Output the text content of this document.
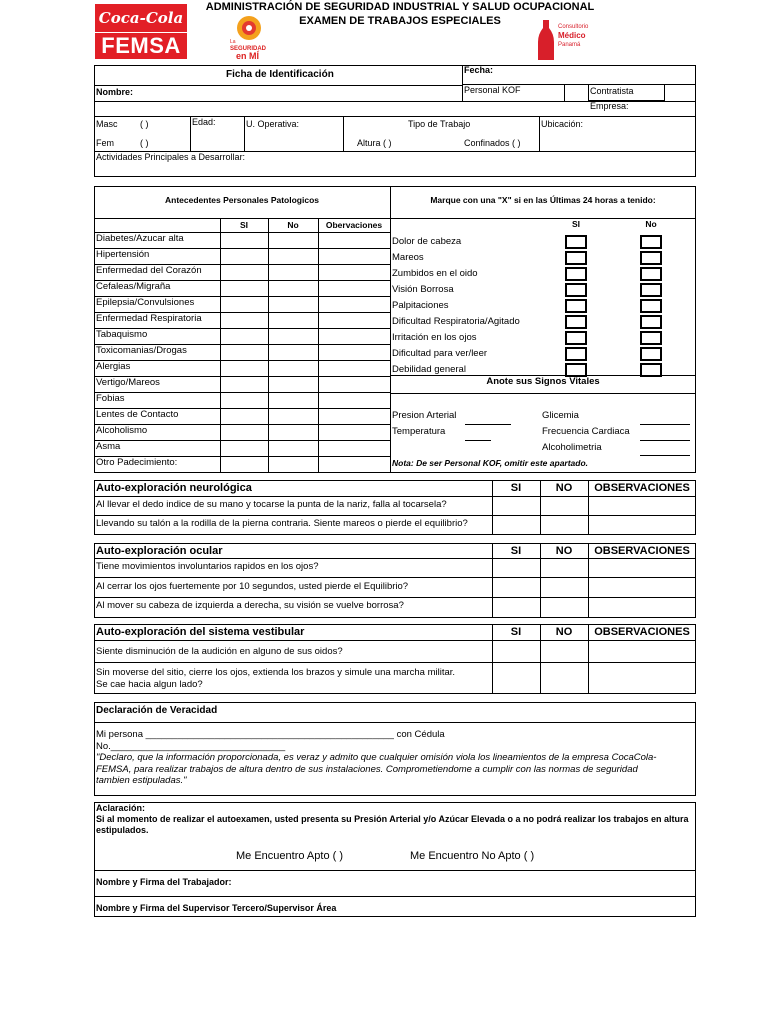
Coca-Cola
FEMSA
ADMINISTRACIÓN DE SEGURIDAD INDUSTRIAL Y SALUD OCUPACIONAL
EXAMEN DE TRABAJOS ESPECIALES
La
SEGURIDAD
en MÍ
Consultorio
Médico
Panamá
Ficha de Identificación	Fecha:
Nombre:	Personal KOF	Contratista
Empresa:
Masc ( )
Fem	( )
Edad:	U. Operativa:	Tipo de Trabajo
Altura ( )	Confinados ( )
Ubicación:
Actividades Principales a Desarrollar:
Antecedentes Personales Patologicos	Marque con una "X" si en las Últimas 24 horas a tenido:
SI	No	Obervaciones
Diabetes/Azucar alta
Hipertensión
Enfermedad del Corazón
Cefaleas/Migraña
Epilepsia/Convulsiones
Enfermedad Respiratoria
Tabaquismo
Toxicomanias/Drogas
Alergias
Vertigo/Mareos
Fobias
Lentes de Contacto
Alcoholismo
Asma
Otro Padecimiento:
SI	No
Dolor de cabeza
Mareos
Zumbidos en el oido
Visión Borrosa
Palpitaciones
Dificultad Respiratoria/Agitado
Irritación en los ojos
Dificultad para ver/leer
Debilidad general
Anote sus Signos Vitales
Presion Arterial
Temperatura
Glicemia
Frecuencia Cardiaca
Alcoholimetria
Nota: De ser Personal KOF, omitir este apartado.
Auto-exploración neurológica	SI	NO	OBSERVACIONES
Al llevar el dedo indice de su mano y tocarse la punta de la nariz, falla al tocarsela?
Llevando su talón a la rodilla de la pierna contraria. Siente mareos o pierde el equilibrio?
Auto-exploración ocular	SI	NO	OBSERVACIONES
Tiene movimientos involuntarios rapidos en los ojos?
Al cerrar los ojos fuertemente por 10 segundos, usted pierde el Equilibrio?
Al mover su cabeza de izquierda a derecha, su visión se vuelve borrosa?
Auto-exploración del sistema vestibular	SI	NO	OBSERVACIONES
Siente disminución de la audición en alguno de sus oidos?
Sin moverse del sitio, cierre los ojos, extienda los brazos y simule una marcha militar.
Se cae hacia algun lado?
Declaración de Veracidad
Mi persona _______________________________________________ con Cédula
No._________________________________
"Declaro, que la información proporcionada, es veraz y admito que cualquier omisión viola los lineamientos de la empresa CocaCola-
FEMSA, para realizar trabajos de altura dentro de sus instalaciones. Comprometiendome a cumplir con las normas de seguridad
tambien estipuladas."
Aclaración:
Si al momento de realizar el autoexamen, usted presenta su Presión Arterial y/o Azúcar Elevada o a no podrá realizar los trabajos en altura
estipulados.
Me Encuentro Apto ( )	Me Encuentro No Apto ( )
Nombre y Firma del Trabajador:
Nombre y Firma del Supervisor Tercero/Supervisor Área
